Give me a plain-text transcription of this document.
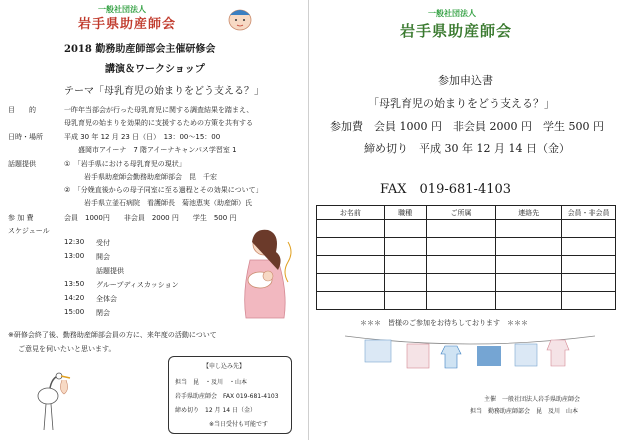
一般社団法人
岩手県助産師会
2018 勤務助産師部会主催研修会
講演＆ワークショップ
テーマ「母乳育児の始まりをどう支える？」
目　　的	一昨年当部会が行った母乳育児に関する調査結果を踏まえ、
母乳育児の始まりを効果的に支援するための方策を共有する
日時・場所	平成 30 年 12 月 23 日（日）　13：00～15：00
盛岡市アイーナ　7 階アイーナキャンパス学習室 1
話題提供	①　「岩手県における母乳育児の現状」
岩手県助産師会勤務助産師部会　昆　千宏
②　「分娩直後からの母子同室に至る過程とその効果について」
岩手県立釜石病院　看護師長　菊池恵実（助産師）氏
参 加 費	会員　1000円　　非会員　2000 円　　学生　500 円
スケジュール
12:30 受付
13:00 開会
話題提供
13:50 グループディスカッション
14:20 全体会
15:00 閉会
※研修会終了後、勤務助産師部会員の方に、来年度の活動について
ご意見を伺いたいと思います。
【申し込み先】
担当　昆　・及川　・山本
岩手県助産師会　FAX 019-681-4103
締め切り　12 月 14 日（金）
※当日受付も可能です
一般社団法人
岩手県助産師会
参加申込書
「母乳育児の始まりをどう支える？」
参加費　会員 1000 円　非会員 2000 円　学生 500 円
締め切り　平成 30 年 12 月 14 日（金）
FAX　019-681-4103
お名前	職種	ご所属	連絡先	会員・非会員

＊＊＊　皆様のご参加をお待ちしております　＊＊＊
主催　一般社団法人岩手県助産師会
担当　勤務助産師部会　昆　及川　山本
